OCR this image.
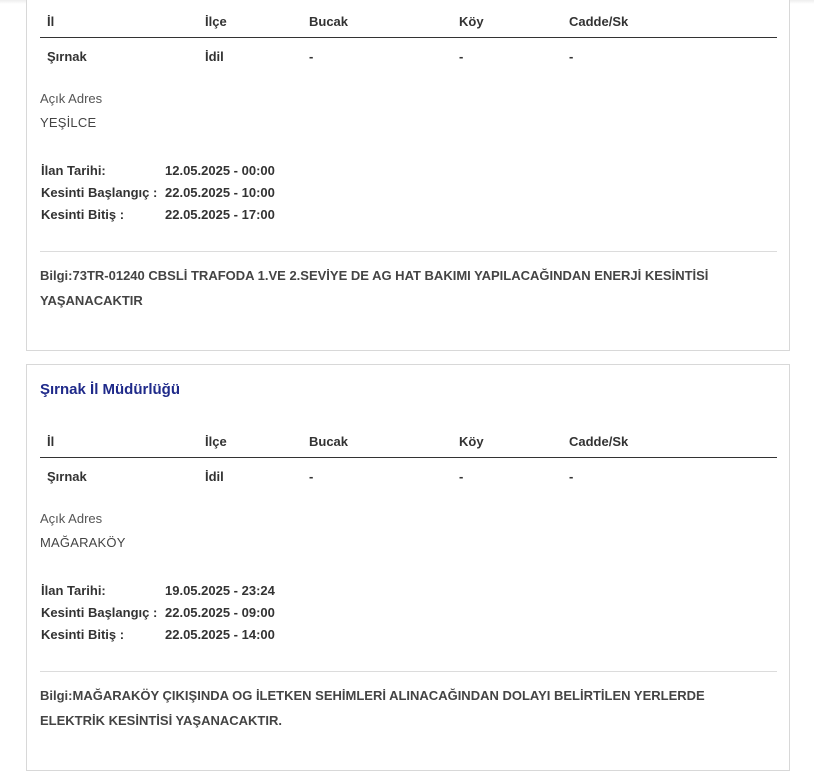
İl	İlçe	Bucak	Köy	Cadde/Sk
Şırnak	İdil	-	-	-
Açık Adres
YEŞİLCE
İlan Tarihi:	12.05.2025 - 00:00
Kesinti Başlangıç : 22.05.2025 - 10:00
Kesinti Bitiş :	22.05.2025 - 17:00
Bilgi:73TR-01240 CBSLİ TRAFODA 1.VE 2.SEVİYE DE AG HAT BAKIMI YAPILACAĞINDAN ENERJİ KESİNTİSİ YAŞANACAKTIR
Şırnak İl Müdürlüğü
İl	İlçe	Bucak	Köy	Cadde/Sk
Şırnak	İdil	-	-	-
Açık Adres
MAĞARAKÖY
İlan Tarihi:	19.05.2025 - 23:24
Kesinti Başlangıç : 22.05.2025 - 09:00
Kesinti Bitiş :	22.05.2025 - 14:00
Bilgi:MAĞARAKÖY ÇIKIŞINDA OG İLETKEN SEHİMLERİ ALINACAĞINDAN DOLAYI BELİRTİLEN YERLERDE ELEKTRİK KESİNTİSİ YAŞANACAKTIR.
